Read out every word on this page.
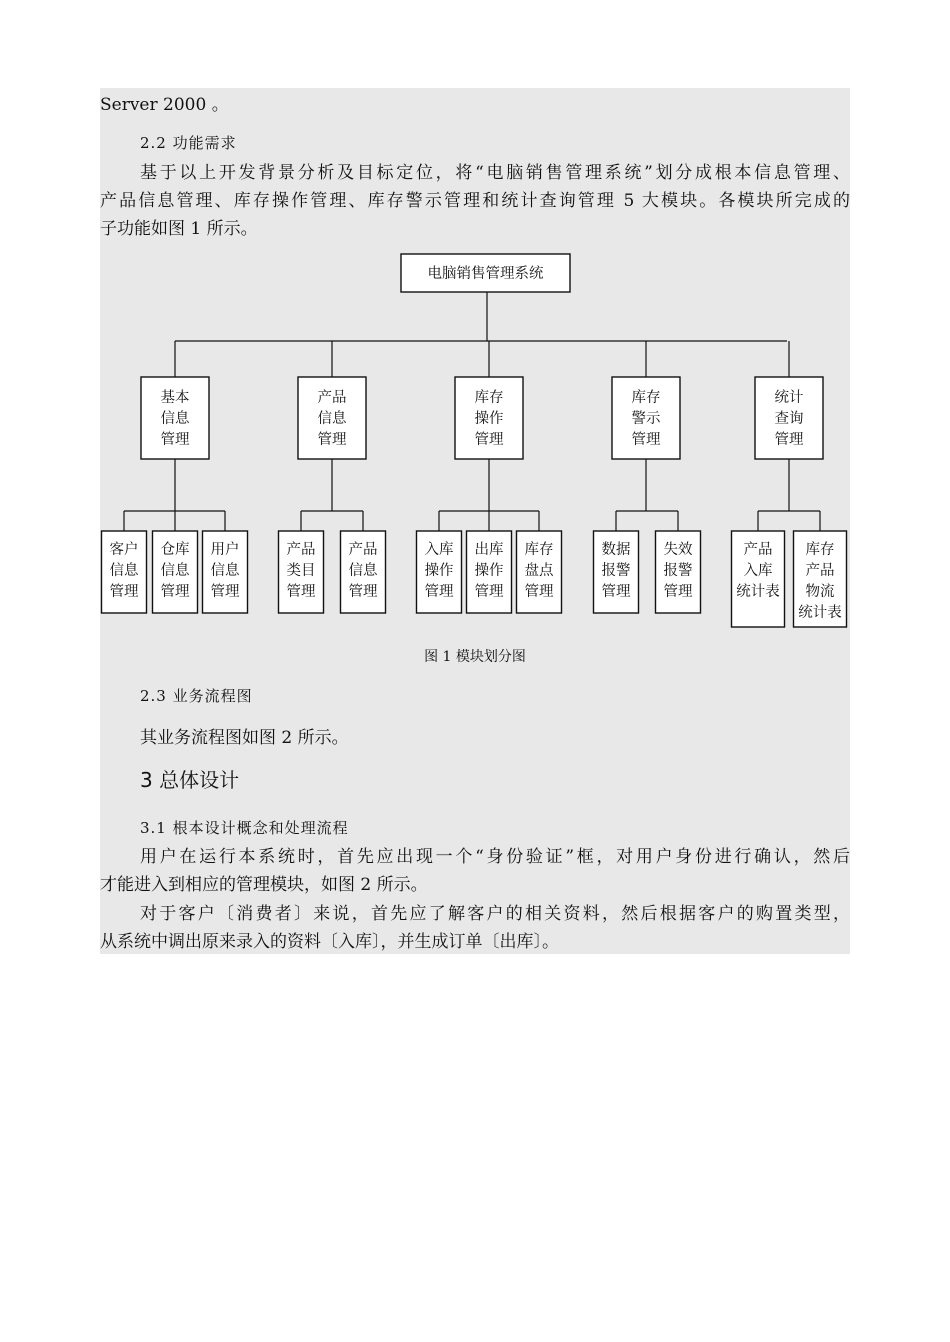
Server 2000 。
2.2 功能需求
基于以上开发背景分析及目标定位，将“电脑销售管理系统”划分成根本信息管理、
产品信息管理、库存操作管理、库存警示管理和统计查询管理 5 大模块。各模块所完成的
子功能如图 1 所示。
电脑销售管理系统
基本
信息
管理
客户
信息
管理
仓库
信息
管理
用户
信息
管理
产品
信息
管理
产品
类目
管理
产品
信息
管理
库存
操作
管理
入库
操作
管理
出库
操作
管理
库存
盘点
管理
库存
警示
管理
数据
报警
管理
失效
报警
管理
统计
查询
管理
产品
入库
统计表
库存
产品
物流
统计表
图 1 模块划分图
2.3 业务流程图
其业务流程图如图 2 所示。
3 总体设计
3.1 根本设计概念和处理流程
用户在运行本系统时，首先应出现一个“身份验证”框，对用户身份进行确认，然后
才能进入到相应的管理模块，如图 2 所示。
对于客户〔消费者〕来说，首先应了解客户的相关资料，然后根据客户的购置类型，
从系统中调出原来录入的资料〔入库〕，并生成订单〔出库〕。
